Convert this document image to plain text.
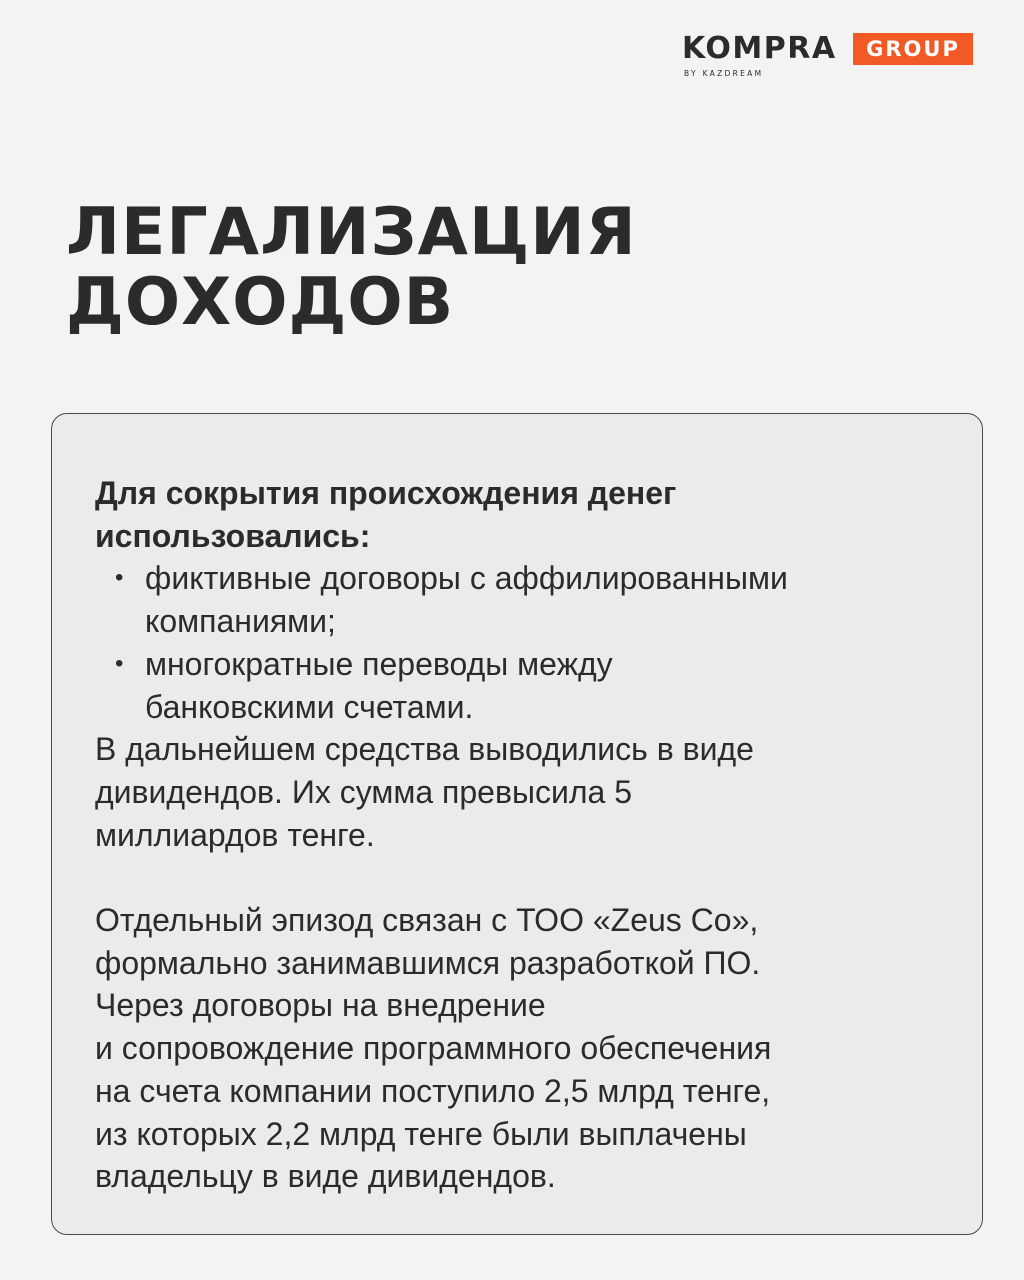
KOMPRA	GROUP
BY KAZDREAM
ЛЕГАЛИЗАЦИЯ
ДОХОДОВ
Для сокрытия происхождения денег
использовались:
• фиктивные договоры с аффилированными
компаниями;
• многократные переводы между
банковскими счетами.
В дальнейшем средства выводились в виде
дивидендов. Их сумма превысила 5
миллиардов тенге.
Отдельный эпизод связан с ТОО «Zeus Co»,
формально занимавшимся разработкой ПО.
Через договоры на внедрение
и сопровождение программного обеспечения
на счета компании поступило 2,5 млрд тенге,
из которых 2,2 млрд тенге были выплачены
владельцу в виде дивидендов.
